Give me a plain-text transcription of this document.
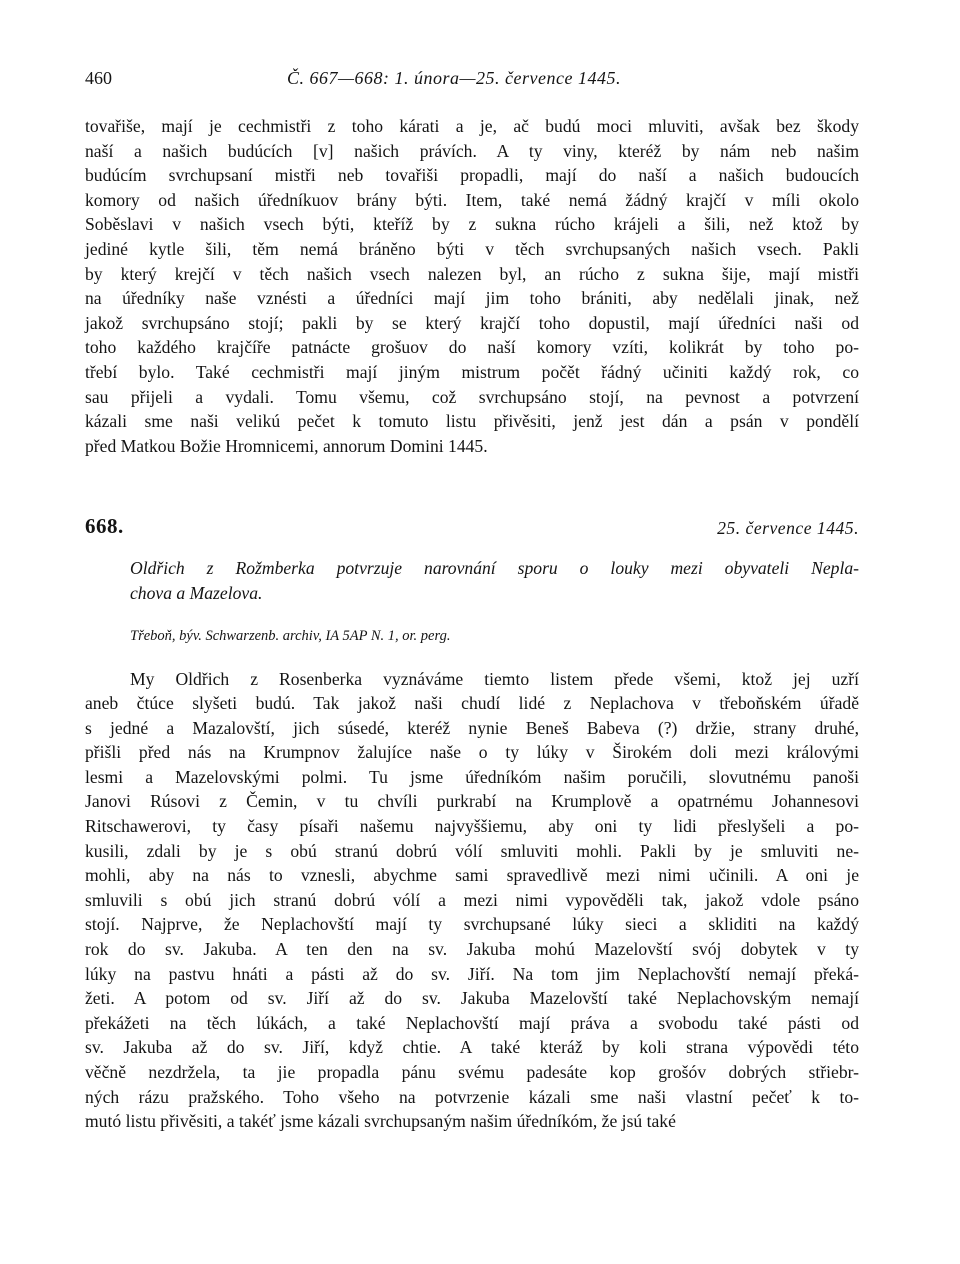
460	Č. 667—668: 1. února—25. července 1445.
tovařiše, mají je cechmistři z toho kárati a je, ač budú moci mluviti, avšak bez škody
naší a našich budúcích [v] našich právích. A ty viny, kteréž by nám neb našim
budúcím svrchupsaní mistři neb tovařiši propadli, mají do naší a našich budoucích
komory od našich úředníkuov brány býti. Item, také nemá žádný krajčí v míli okolo
Soběslavi v našich vsech býti, kteříž by z sukna rúcho krájeli a šili, než ktož by
jediné kytle šili, těm nemá bráněno býti v těch svrchupsaných našich vsech. Pakli
by který krejčí v těch našich vsech nalezen byl, an rúcho z sukna šije, mají mistři
na úředníky naše vznésti a úředníci mají jim toho brániti, aby nedělali jinak, než
jakož svrchupsáno stojí; pakli by se který krajčí toho dopustil, mají úředníci naši od
toho každého krajčíře patnácte grošuov do naší komory vzíti, kolikrát by toho po-
třebí bylo. Také cechmistři mají jiným mistrum počět řádný učiniti každý rok, co
sau přijeli a vydali. Tomu všemu, což svrchupsáno stojí, na pevnost a potvrzení
kázali sme naši velikú pečet k tomuto listu přivěsiti, jenž jest dán a psán v pondělí
před Matkou Božie Hromnicemi, annorum Domini 1445.
668.	25. července 1445.
Oldřich z Rožmberka potvrzuje narovnání sporu o louky mezi obyvateli Nepla-
chova a Mazelova.
Třeboň, býv. Schwarzenb. archiv, IA 5AP N. 1, or. perg.
My Oldřich z Rosenberka vyznáváme tiemto listem přede všemi, ktož jej uzří
aneb čtúce slyšeti budú. Tak jakož naši chudí lidé z Neplachova v třeboňském úřadě
s jedné a Mazalovští, jich súsedé, kteréž nynie Beneš Babeva (?) držie, strany druhé,
přišli před nás na Krumpnov žalujíce naše o ty lúky v Širokém doli mezi královými
lesmi a Mazelovskými polmi. Tu jsme úředníkóm našim poručili, slovutnému panoši
Janovi Rúsovi z Čemin, v tu chvíli purkrabí na Krumplově a opatrnému Johannesovi
Ritschawerovi, ty časy písaři našemu najvyššiemu, aby oni ty lidi přeslyšeli a po-
kusili, zdali by je s obú stranú dobrú vólí smluviti mohli. Pakli by je smluviti ne-
mohli, aby na nás to vznesli, abychme sami spravedlivě mezi nimi učinili. A oni je
smluvili s obú jich stranú dobrú vólí a mezi nimi vypověděli tak, jakož vdole psáno
stojí. Najprve, že Neplachovští mají ty svrchupsané lúky sieci a skliditi na každý
rok do sv. Jakuba. A ten den na sv. Jakuba mohú Mazelovští svój dobytek v ty
lúky na pastvu hnáti a pásti až do sv. Jiří. Na tom jim Neplachovští nemají překá-
žeti. A potom od sv. Jiří až do sv. Jakuba Mazelovští také Neplachovským nemají
překážeti na těch lúkách, a také Neplachovští mají práva a svobodu také pásti od
sv. Jakuba až do sv. Jiří, když chtie. A také kteráž by koli strana výpovědi této
věčně nezdržela, ta jie propadla pánu svému padesáte kop grošóv dobrých střiebr-
ných rázu pražského. Toho všeho na potvrzenie kázali sme naši vlastní pečeť k to-
mutó listu přivěsiti, a takéť jsme kázali svrchupsaným našim úředníkóm, že jsú také
